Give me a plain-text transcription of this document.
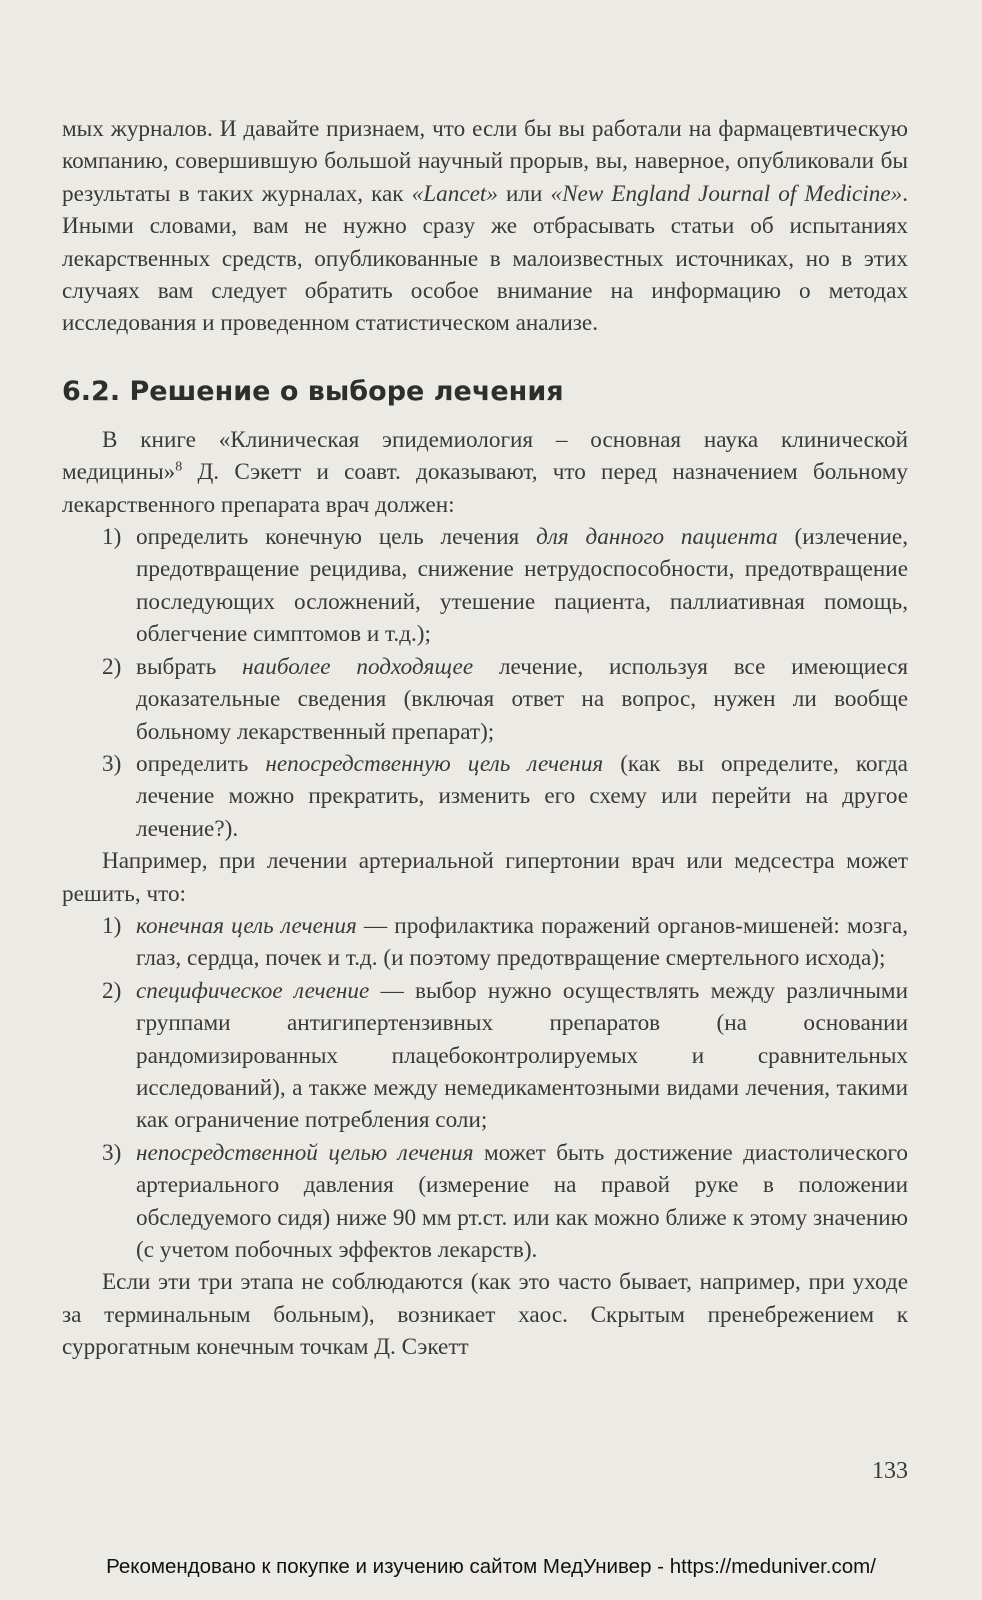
мых журналов. И давайте признаем, что если бы вы работали на фармацевтическую компанию, совершившую большой научный прорыв, вы, наверное, опубликовали бы результаты в таких журналах, как «Lancet» или «New England Journal of Medicine». Иными словами, вам не нужно сразу же отбрасывать статьи об испытаниях лекарственных средств, опубликованные в малоизвестных источниках, но в этих случаях вам следует обратить особое внимание на информацию о методах исследования и проведенном статистическом анализе.

6.2. Решение о выборе лечения

В книге «Клиническая эпидемиология – основная наука клинической медицины»$^8$ Д. Сэкетт и соавт. доказывают, что перед назначением больному лекарственного препарата врач должен:

1) определить конечную цель лечения для данного пациента (излечение, предотвращение рецидива, снижение нетрудоспособности, предотвращение последующих осложнений, утешение пациента, паллиативная помощь, облегчение симптомов и т.д.);
2) выбрать наиболее подходящее лечение, используя все имеющиеся доказательные сведения (включая ответ на вопрос, нужен ли вообще больному лекарственный препарат);
3) определить непосредственную цель лечения (как вы определите, когда лечение можно прекратить, изменить его схему или перейти на другое лечение?).

Например, при лечении артериальной гипертонии врач или медсестра может решить, что:

1) конечная цель лечения — профилактика поражений органов-мишеней: мозга, глаз, сердца, почек и т.д. (и поэтому предотвращение смертельного исхода);
2) специфическое лечение — выбор нужно осуществлять между различными группами антигипертензивных препаратов (на основании рандомизированных плацебоконтролируемых и сравнительных исследований), а также между немедикаментозными видами лечения, такими как ограничение потребления соли;
3) непосредственной целью лечения может быть достижение диастолического артериального давления (измерение на правой руке в положении обследуемого сидя) ниже 90 мм рт.ст. или как можно ближе к этому значению (с учетом побочных эффектов лекарств).

Если эти три этапа не соблюдаются (как это часто бывает, например, при уходе за терминальным больным), возникает хаос. Скрытым пренебрежением к суррогатным конечным точкам Д. Сэкетт

133
Рекомендовано к покупке и изучению сайтом МедУнивер - https://meduniver.com/
